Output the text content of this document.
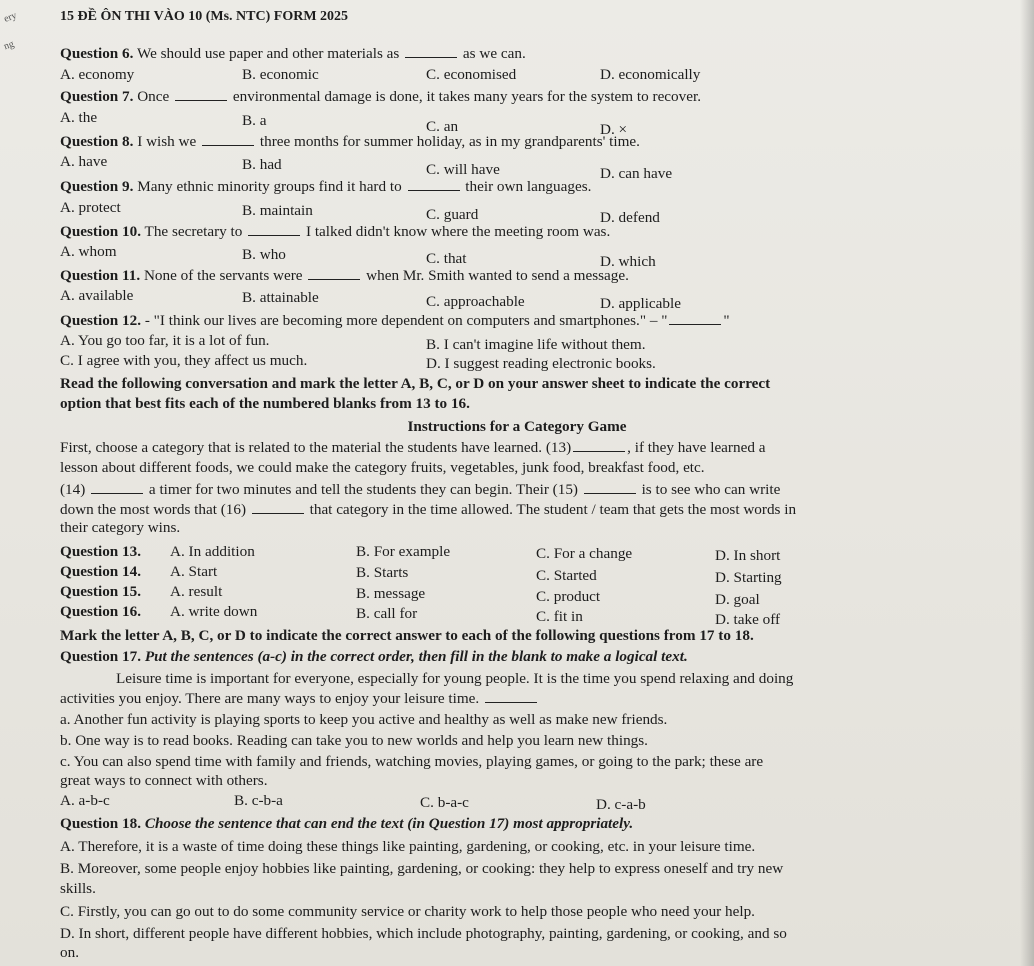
ery
ng
15 ĐỀ ÔN THI VÀO 10 (Ms. NTC) FORM 2025
Question 6. We should use paper and other materials as	as we can.
A. economy	B. economic	C. economised	D. economically
Question 7. Once	environmental damage is done, it takes many years for the system to recover.
A. the	B. a	C. an	D. ×
Question 8. I wish we	three months for summer holiday, as in my grandparents' time.
A. have	B. had	C. will have	D. can have
Question 9. Many ethnic minority groups find it hard to	their own languages.
A. protect	B. maintain	C. guard	D. defend
Question 10. The secretary to	I talked didn't know where the meeting room was.
A. whom	B. who	C. that	D. which
Question 11. None of the servants were	when Mr. Smith wanted to send a message.
A. available	B. attainable	C. approachable	D. applicable
Question 12. - "I think our lives are becoming more dependent on computers and smartphones." – "	"
A. You go too far, it is a lot of fun.	B. I can't imagine life without them.
C. I agree with you, they affect us much.	D. I suggest reading electronic books.
Read the following conversation and mark the letter A, B, C, or D on your answer sheet to indicate the correct
option that best fits each of the numbered blanks from 13 to 16.
Instructions for a Category Game
First, choose a category that is related to the material the students have learned. (13)	, if they have learned a
lesson about different foods, we could make the category fruits, vegetables, junk food, breakfast food, etc.
(14)	a timer for two minutes and tell the students they can begin. Their (15)	is to see who can write
down the most words that (16)	that category in the time allowed. The student / team that gets the most words in
their category wins.
Question 13. A. In addition	B. For example	C. For a change	D. In short
Question 14. A. Start	B. Starts	C. Started	D. Starting
Question 15. A. result	B. message	C. product	D. goal
Question 16. A. write down	B. call for	C. fit in	D. take off
Mark the letter A, B, C, or D to indicate the correct answer to each of the following questions from 17 to 18.
Question 17. Put the sentences (a-c) in the correct order, then fill in the blank to make a logical text.
Leisure time is important for everyone, especially for young people. It is the time you spend relaxing and doing
activities you enjoy. There are many ways to enjoy your leisure time.
a. Another fun activity is playing sports to keep you active and healthy as well as make new friends.
b. One way is to read books. Reading can take you to new worlds and help you learn new things.
c. You can also spend time with family and friends, watching movies, playing games, or going to the park; these are
great ways to connect with others.
A. a-b-c	B. c-b-a	C. b-a-c	D. c-a-b
Question 18. Choose the sentence that can end the text (in Question 17) most appropriately.
A. Therefore, it is a waste of time doing these things like painting, gardening, or cooking, etc. in your leisure time.
B. Moreover, some people enjoy hobbies like painting, gardening, or cooking: they help to express oneself and try new
skills.
C. Firstly, you can go out to do some community service or charity work to help those people who need your help.
D. In short, different people have different hobbies, which include photography, painting, gardening, or cooking, and so
on.
